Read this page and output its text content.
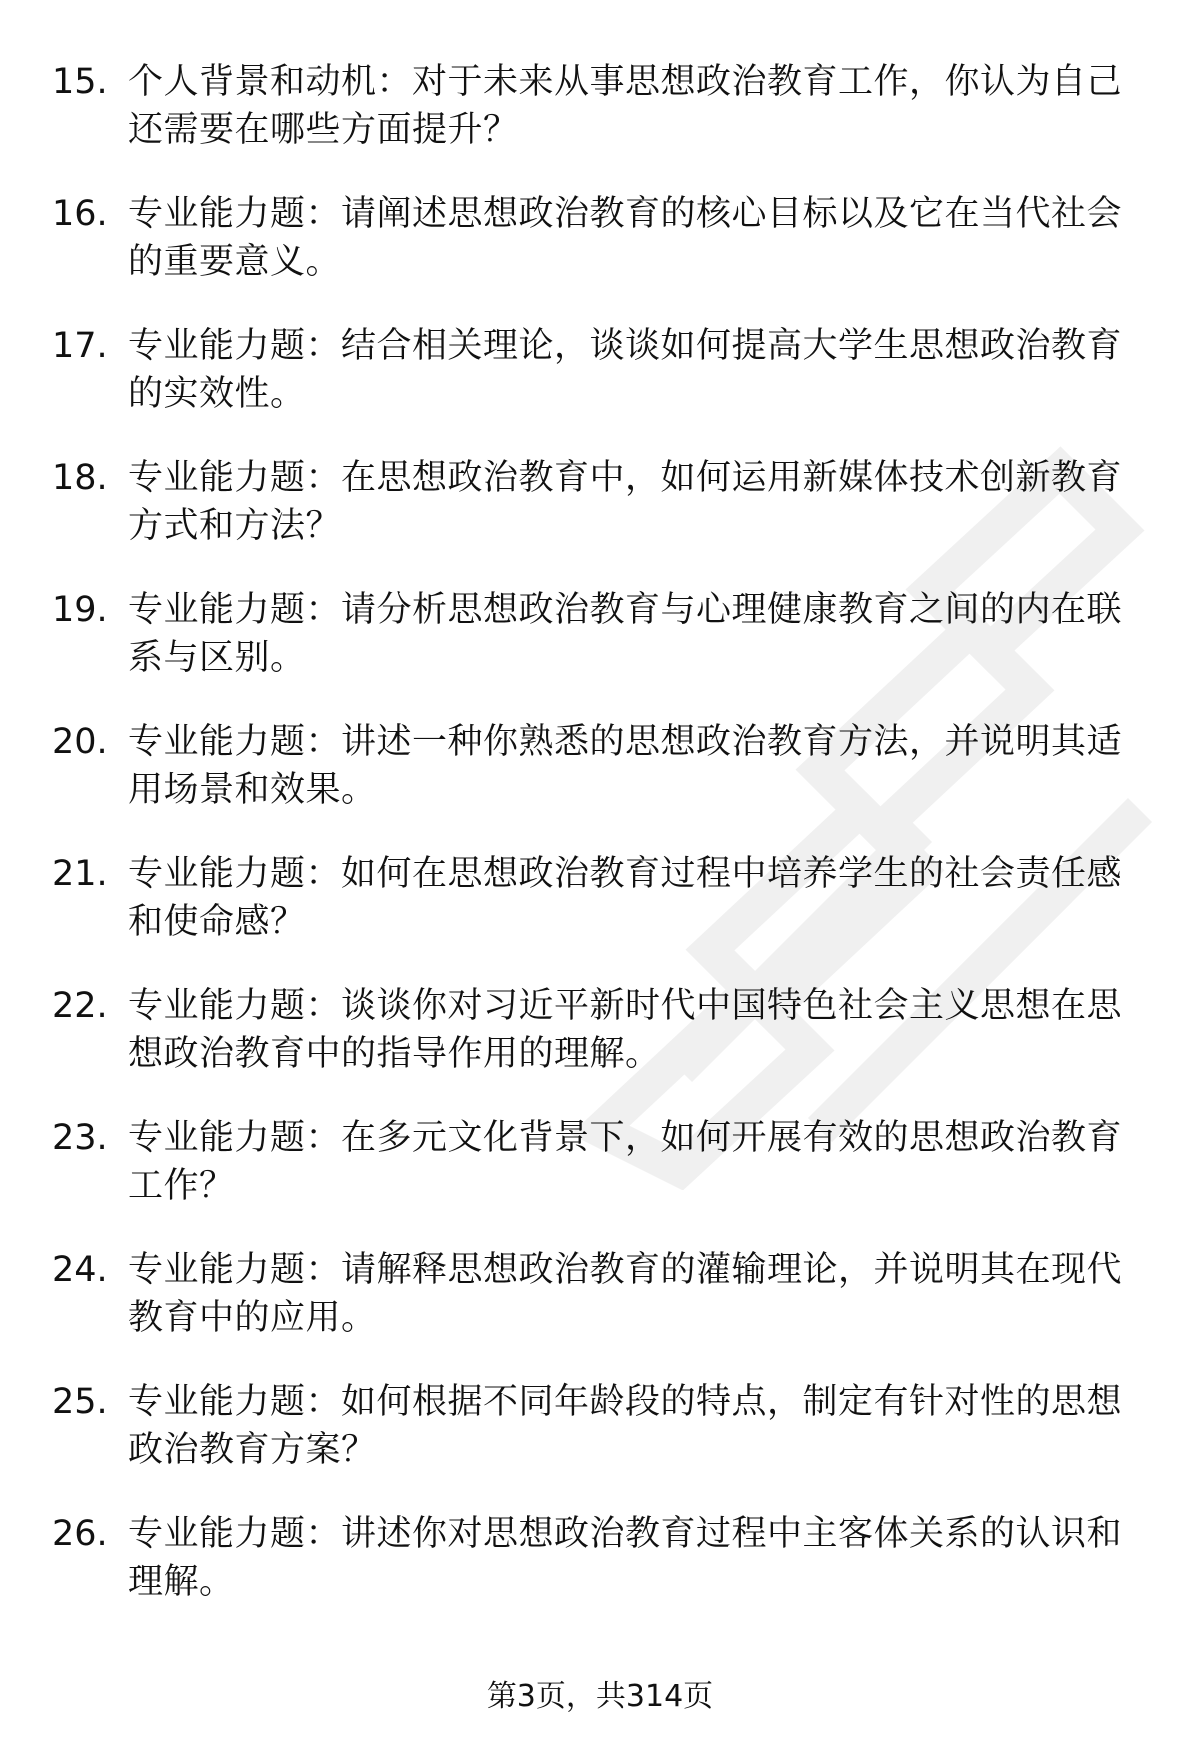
15. 个人背景和动机：对于未来从事思想政治教育工作，你认为自己还需要在哪些方面提升？
16. 专业能力题：请阐述思想政治教育的核心目标以及它在当代社会的重要意义。
17. 专业能力题：结合相关理论，谈谈如何提高大学生思想政治教育的实效性。
18. 专业能力题：在思想政治教育中，如何运用新媒体技术创新教育方式和方法？
19. 专业能力题：请分析思想政治教育与心理健康教育之间的内在联系与区别。
20. 专业能力题：讲述一种你熟悉的思想政治教育方法，并说明其适用场景和效果。
21. 专业能力题：如何在思想政治教育过程中培养学生的社会责任感和使命感？
22. 专业能力题：谈谈你对习近平新时代中国特色社会主义思想在思想政治教育中的指导作用的理解。
23. 专业能力题：在多元文化背景下，如何开展有效的思想政治教育工作？
24. 专业能力题：请解释思想政治教育的灌输理论，并说明其在现代教育中的应用。
25. 专业能力题：如何根据不同年龄段的特点，制定有针对性的思想政治教育方案？
26. 专业能力题：讲述你对思想政治教育过程中主客体关系的认识和理解。
第3页，共314页
